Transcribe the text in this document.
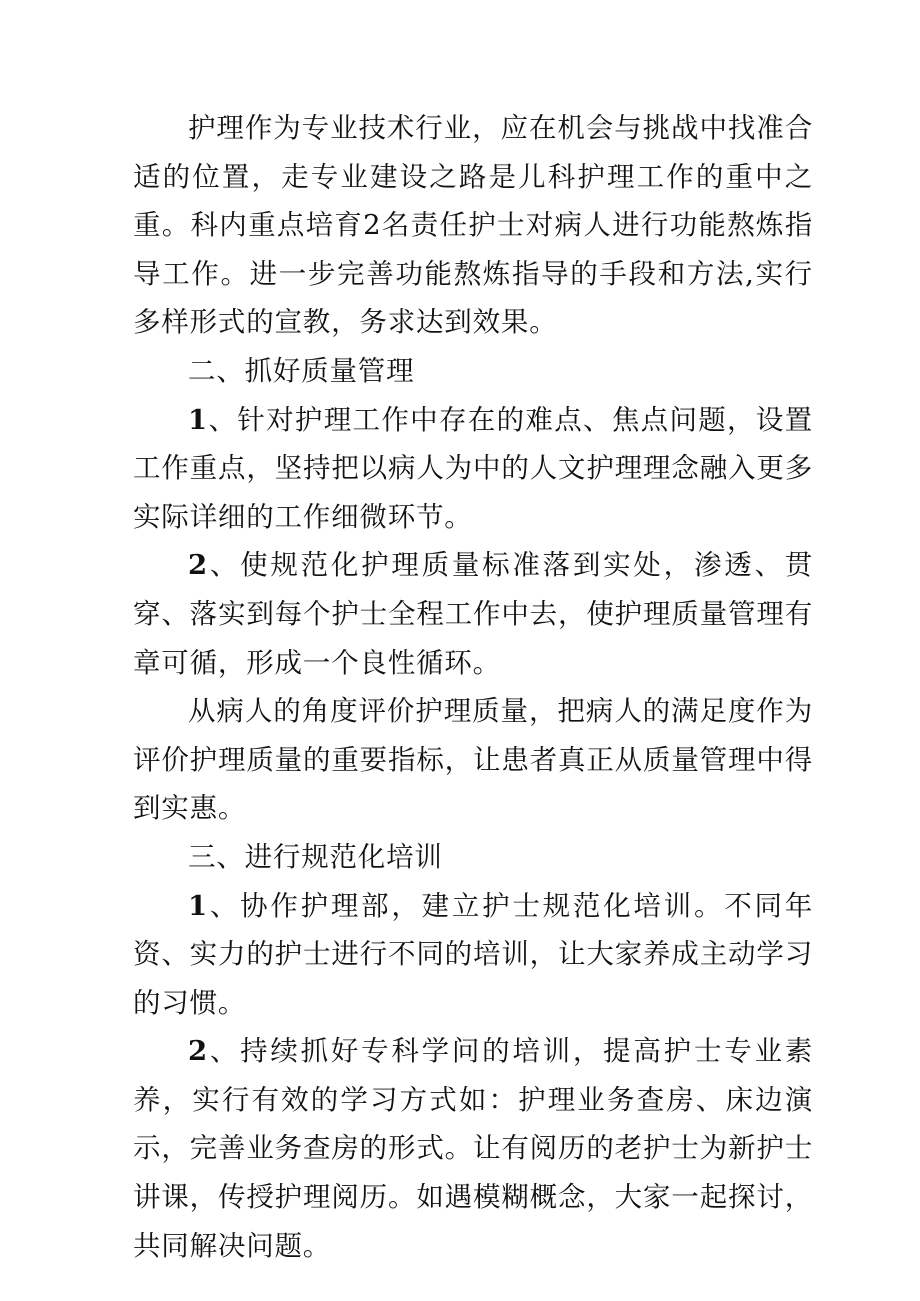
护理作为专业技术行业，应在机会与挑战中找准合适的位置，走专业建设之路是儿科护理工作的重中之重。科内重点培育2名责任护士对病人进行功能熬炼指导工作。进一步完善功能熬炼指导的手段和方法,实行多样形式的宣教，务求达到效果。

二、抓好质量管理

1、针对护理工作中存在的难点、焦点问题，设置工作重点，坚持把以病人为中的人文护理理念融入更多实际详细的工作细微环节。

2、使规范化护理质量标准落到实处，渗透、贯穿、落实到每个护士全程工作中去，使护理质量管理有章可循，形成一个良性循环。

从病人的角度评价护理质量，把病人的满足度作为评价护理质量的重要指标，让患者真正从质量管理中得到实惠。

三、进行规范化培训

1、协作护理部，建立护士规范化培训。不同年资、实力的护士进行不同的培训，让大家养成主动学习的习惯。

2、持续抓好专科学问的培训，提高护士专业素养，实行有效的学习方式如：护理业务查房、床边演示，完善业务查房的形式。让有阅历的老护士为新护士讲课，传授护理阅历。如遇模糊概念，大家一起探讨，共同解决问题。
